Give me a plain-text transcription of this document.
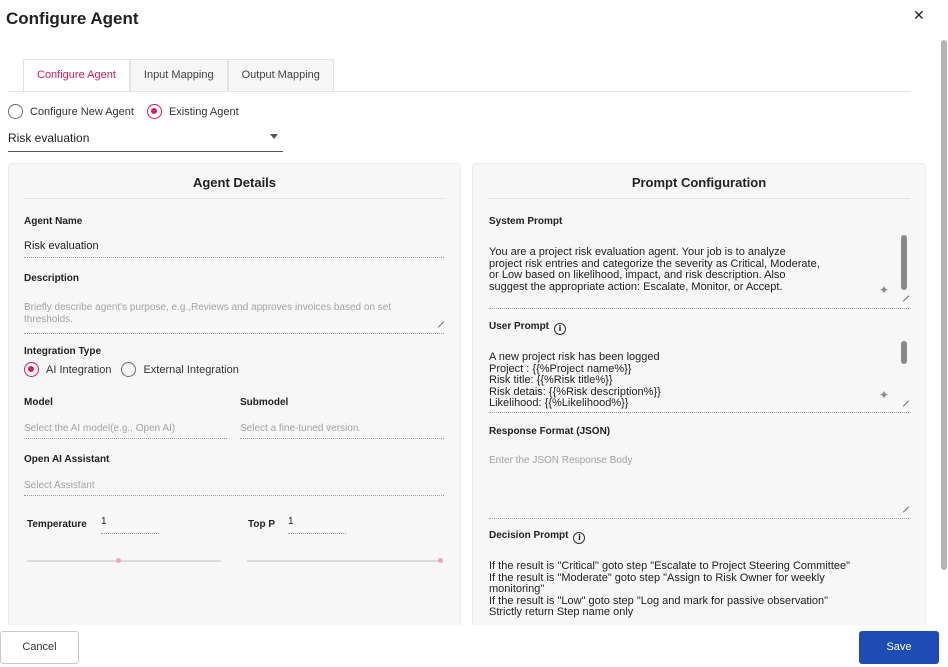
Configure Agent	✕
Configure Agent	Input Mapping	Output Mapping
Configure New Agent	Existing Agent
Risk evaluation
Agent Details
Agent Name
Risk evaluation
Description
Briefly describe agent's purpose, e.g.,Reviews and approves invoices based on set thresholds.
Integration Type
AI Integration	External Integration
Model
Select the AI model(e.g., Open AI)
Submodel
Select a fine-tuned version.
Open AI Assistant
Select Assistant
Temperature 1	Top P 1
Prompt Configuration
System Prompt
You are a project risk evaluation agent. Your job is to analyze
project risk entries and categorize the severity as Critical, Moderate,
or Low based on likelihood, impact, and risk description. Also
suggest the appropriate action: Escalate, Monitor, or Accept.	✦
User Prompt i
A new project risk has been logged
Project : {{%Project name%}}
Risk title: {{%Risk title%}}
Risk detais: {{%Risk description%}}
Likelihood: {{%Likelihood%}}
✦
Response Format (JSON)
Enter the JSON Response Body
Decision Prompt i
If the result is "Critical" goto step "Escalate to Project Steering Committee"
If the result is "Moderate" goto step "Assign to Risk Owner for weekly
monitoring"
If the result is "Low" goto step "Log and mark for passive observation"
Strictly return Step name only
Cancel	Save
